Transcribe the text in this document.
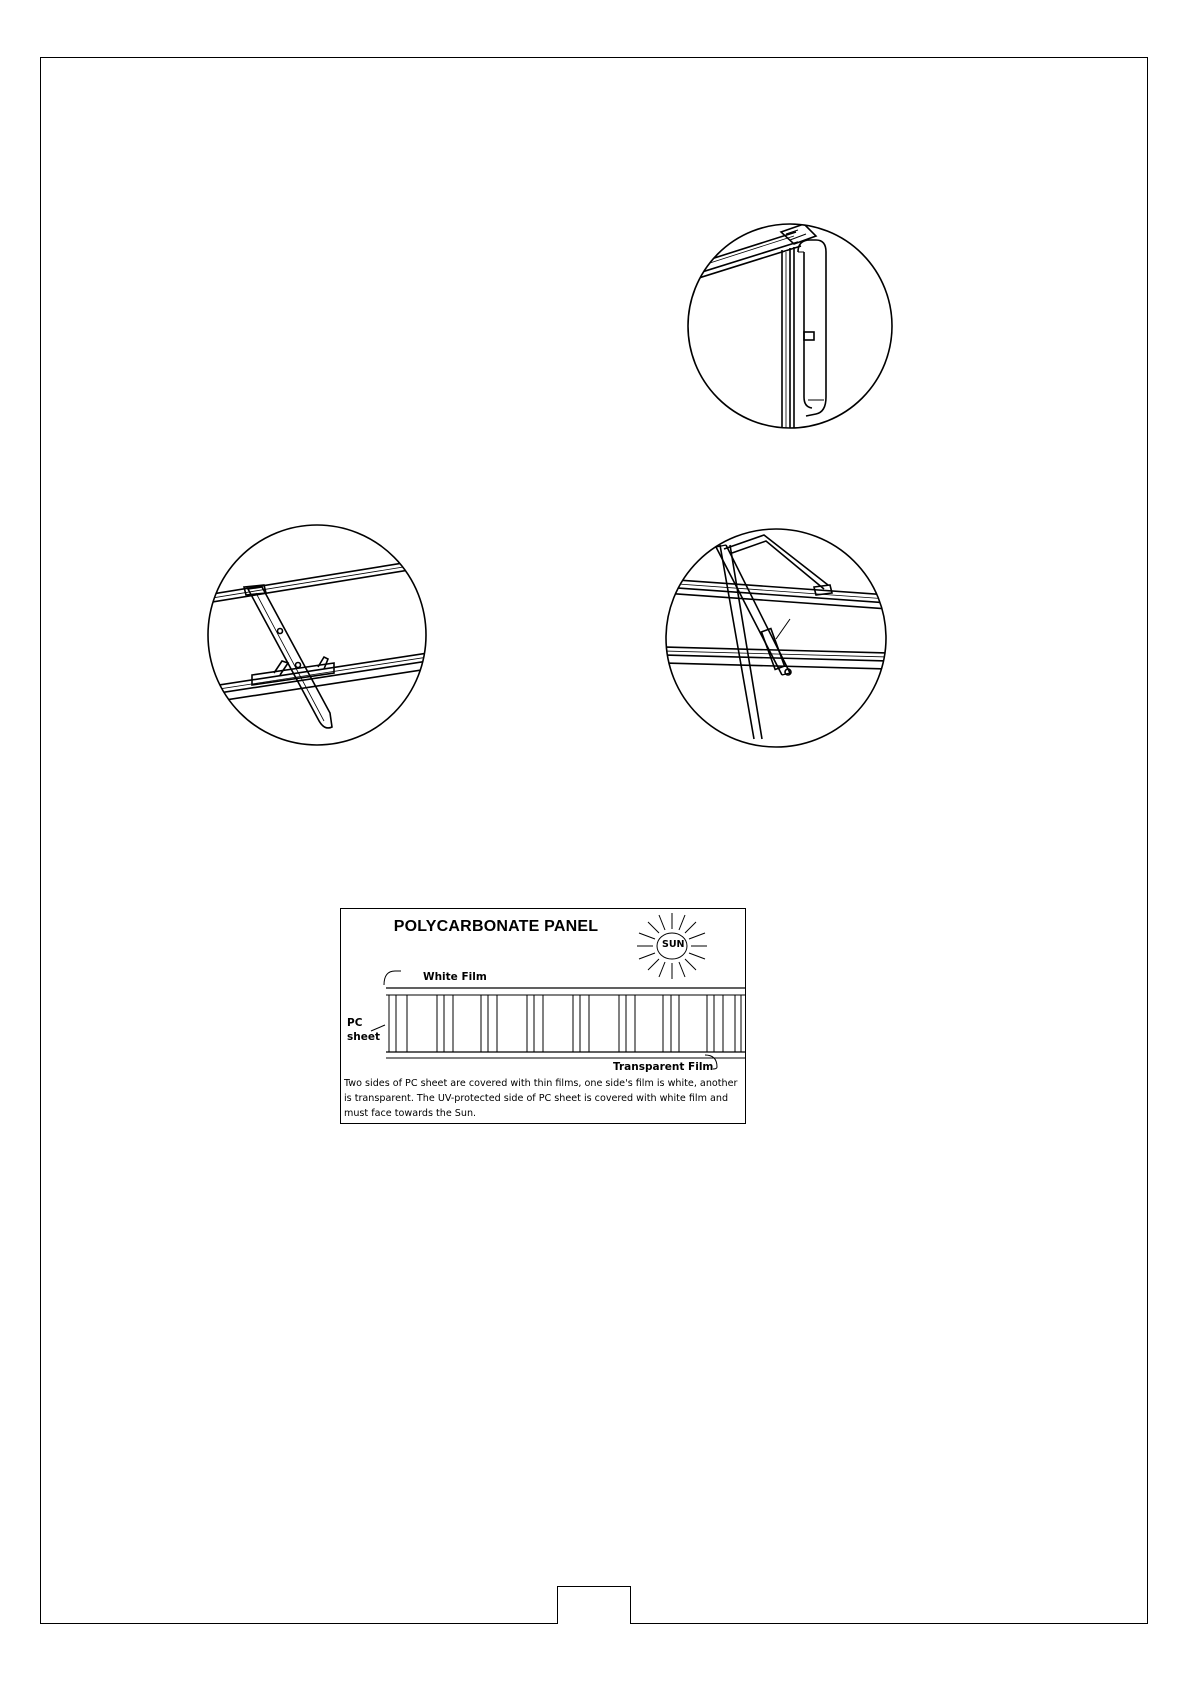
POLYCARBONATE PANEL
SUN
White Film
PC
sheet
Transparent Film
Two sides of PC sheet are covered with thin films, one side's film is white, another is transparent. The UV-protected side of PC sheet is covered with white film and must face towards the Sun.
